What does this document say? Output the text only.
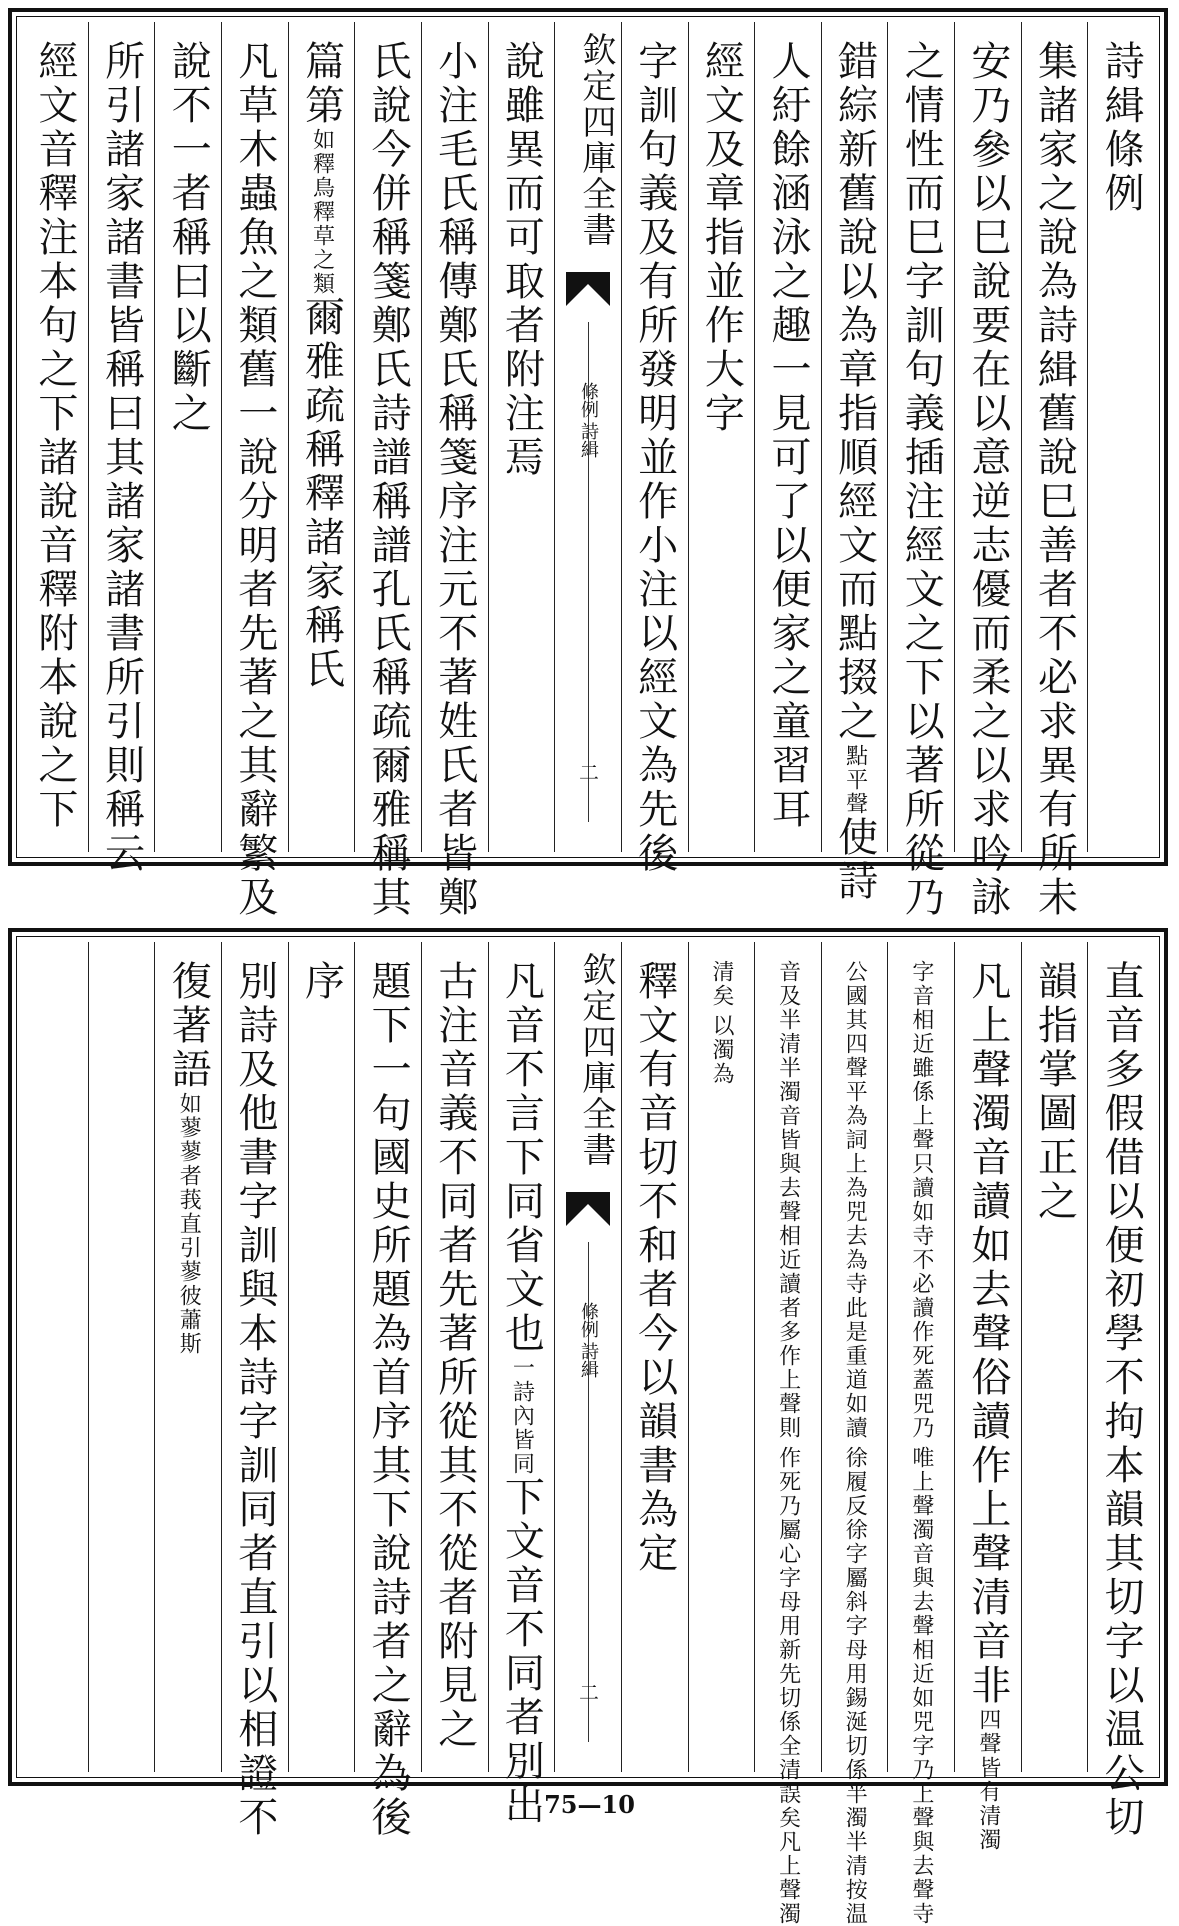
詩緝條例
集諸家之說為詩緝舊說巳善者不必求異有所未
安乃參以巳說要在以意逆志優而柔之以求吟詠
之情性而巳字訓句義插注經文之下以著所從乃
錯綜新舊說以為章指順經文而點掇之點平聲使詩
人紆餘涵泳之趣一見可了以便家之童習耳
經文及章指並作大字
字訓句義及有所發明並作小注以經文為先後
欽定四庫全書
詩緝
條例
二
說雖異而可取者附注焉
小注毛氏稱傳鄭氏稱箋序注元不著姓氏者皆鄭
氏說今併稱箋鄭氏詩譜稱譜孔氏稱疏爾雅稱其
篇第如釋鳥釋草之類爾雅疏稱釋諸家稱氏
凡草木蟲魚之類舊一說分明者先著之其辭繁及
說不一者稱曰以斷之
所引諸家諸書皆稱曰其諸家諸書所引則稱云
經文音釋注本句之下諸說音釋附本說之下
直音多假借以便初學不拘本韻其切字以温公切
韻指掌圖正之
凡上聲濁音讀如去聲俗讀作上聲清音非四聲皆有清濁
唯上聲濁音與去聲相近如兕字乃上聲與去聲寺
字音相近雖係上聲只讀如寺不必讀作死蓋兕乃
徐履反徐字屬斜字母用錫涎切係半濁半清按温
公國其四聲平為詞上為兕去為寺此是重道如讀
作死乃屬心字母用新先切係全清誤矣凡上聲濁
音及半清半濁音皆與去聲相近讀者多作上聲則
以濁為
清矣
釋文有音切不和者今以韻書為定
欽定四庫全書
詩緝
條例
二
凡音不言下同省文也一詩內皆同下文音不同者別出
古注音義不同者先著所從其不從者附見之
題下一句國史所題為首序其下說詩者之辭為後
序
別詩及他書字訓與本詩字訓同者直引以相證不
復著語如蓼蓼者莪直引蓼彼蕭斯
75—10
